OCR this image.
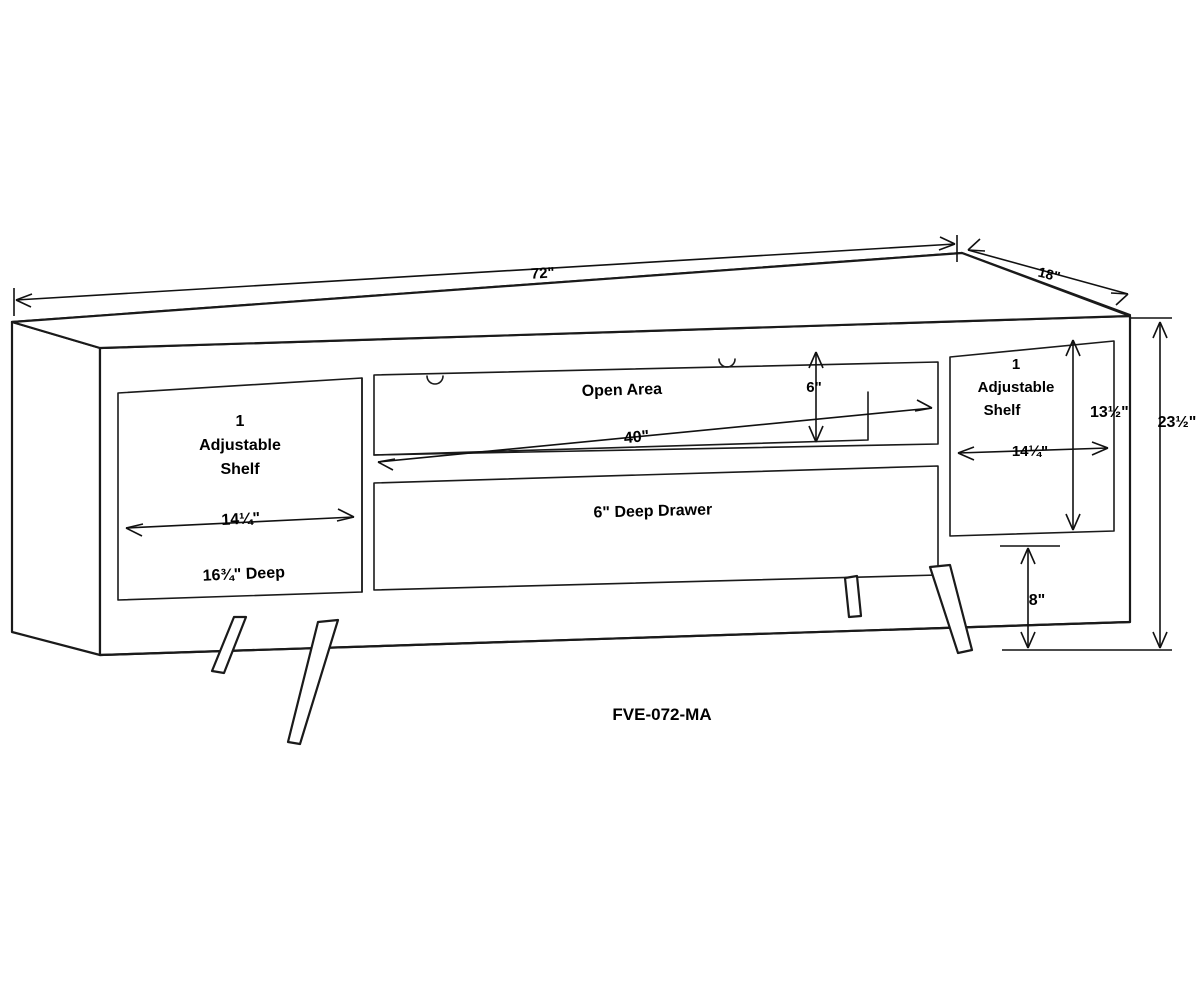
72"	18"
23½"
13½"
8"
6"
40"
14¼"
16¾" Deep
14¼"
1
Adjustable
Shelf
1
Adjustable
Shelf
Open Area
6" Deep Drawer
FVE-072-MA
